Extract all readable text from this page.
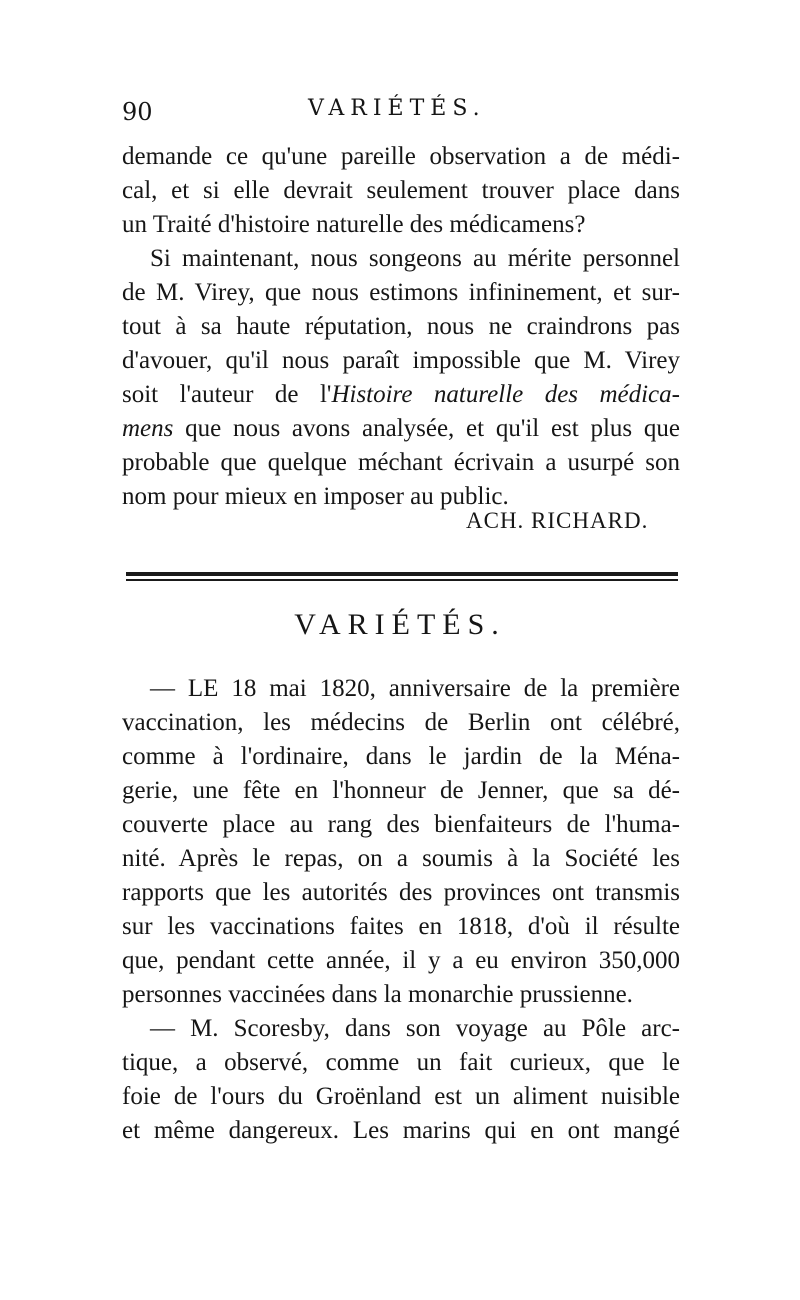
90	VARIÉTÉS.
demande ce qu'une pareille observation a de médi-
cal, et si elle devrait seulement trouver place dans
un Traité d'histoire naturelle des médicamens?
Si maintenant, nous songeons au mérite personnel
de M. Virey, que nous estimons infininement, et sur-
tout à sa haute réputation, nous ne craindrons pas
d'avouer, qu'il nous paraît impossible que M. Virey
soit l'auteur de l'Histoire naturelle des médica-
mens que nous avons analysée, et qu'il est plus que
probable que quelque méchant écrivain a usurpé son
nom pour mieux en imposer au public.
ACH. RICHARD.
VARIÉTÉS.
— LE 18 mai 1820, anniversaire de la première
vaccination, les médecins de Berlin ont célébré,
comme à l'ordinaire, dans le jardin de la Ména-
gerie, une fête en l'honneur de Jenner, que sa dé-
couverte place au rang des bienfaiteurs de l'huma-
nité. Après le repas, on a soumis à la Société les
rapports que les autorités des provinces ont transmis
sur les vaccinations faites en 1818, d'où il résulte
que, pendant cette année, il y a eu environ 350,000
personnes vaccinées dans la monarchie prussienne.
— M. Scoresby, dans son voyage au Pôle arc-
tique, a observé, comme un fait curieux, que le
foie de l'ours du Groënland est un aliment nuisible
et même dangereux. Les marins qui en ont mangé
